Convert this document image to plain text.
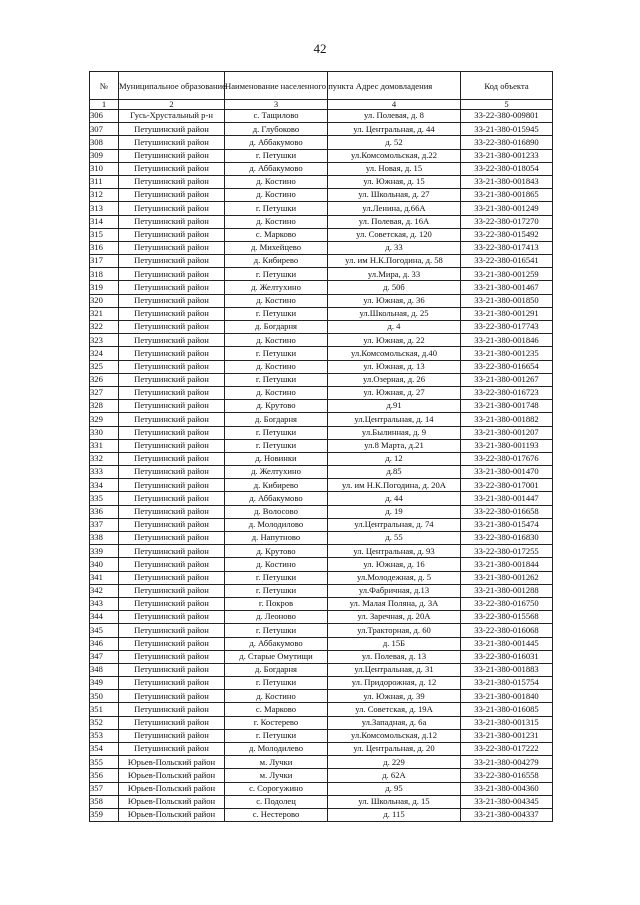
42
№	Муниципальное образование	Наименование населенного пункта	Адрес домовладения	Код объекта
1	2	3	4	5
306	Гусь-Хрустальный р-н	с. Тащилово	ул. Полевая, д. 8	33-22-380-009801
307	Петушинский район	д. Глубоково	ул. Центральная, д. 44	33-21-380-015945
308	Петушинский район	д. Аббакумово	д. 52	33-22-380-016890
309	Петушинский район	г. Петушки	ул.Комсомольская, д.22	33-21-380-001233
310	Петушинский район	д. Аббакумово	ул. Новая, д. 15	33-22-380-018054
311	Петушинский район	д. Костино	ул. Южная, д. 15	33-21-380-001843
312	Петушинский район	д. Костино	ул. Школьная, д. 27	33-21-380-001865
313	Петушинский район	г. Петушки	ул.Ленина, д.66А	33-21-380-001249
314	Петушинский район	д. Костино	ул. Полевая, д. 16А	33-22-380-017270
315	Петушинский район	с. Марково	ул. Советская, д. 120	33-22-380-015492
316	Петушинский район	д. Михейцево	д. 33	33-22-380-017413
317	Петушинский район	д. Кибирево	ул. им Н.К.Погодина, д. 58	33-22-380-016541
318	Петушинский район	г. Петушки	ул.Мира, д. 33	33-21-380-001259
319	Петушинский район	д. Желтухино	д. 50б	33-21-380-001467
320	Петушинский район	д. Костино	ул. Южная, д. 36	33-21-380-001850
321	Петушинский район	г. Петушки	ул.Школьная, д. 25	33-21-380-001291
322	Петушинский район	д. Богдарня	д. 4	33-22-380-017743
323	Петушинский район	д. Костино	ул. Южная, д. 22	33-21-380-001846
324	Петушинский район	г. Петушки	ул.Комсомольская, д.40	33-21-380-001235
325	Петушинский район	д. Костино	ул. Южная, д. 13	33-22-380-016654
326	Петушинский район	г. Петушки	ул.Озерная, д. 26	33-21-380-001267
327	Петушинский район	д. Костино	ул. Южная, д. 27	33-22-380-016723
328	Петушинский район	д. Крутово	д.91	33-21-380-001748
329	Петушинский район	д. Богдарня	ул.Центральная, д. 14	33-21-380-001882
330	Петушинский район	г. Петушки	ул.Былинная, д. 9	33-21-380-001207
331	Петушинский район	г. Петушки	ул.8 Марта, д.21	33-21-380-001193
332	Петушинский район	д. Новинки	д. 12	33-22-380-017676
333	Петушинский район	д. Желтухино	д.85	33-21-380-001470
334	Петушинский район	д. Кибирево	ул. им Н.К.Погодина, д. 20А	33-22-380-017001
335	Петушинский район	д. Аббакумово	д. 44	33-21-380-001447
336	Петушинский район	д. Волосово	д. 19	33-22-380-016658
337	Петушинский район	д. Молодилово	ул.Центральная, д. 74	33-21-380-015474
338	Петушинский район	д. Напутново	д. 55	33-22-380-016830
339	Петушинский район	д. Крутово	ул. Центральная, д. 93	33-22-380-017255
340	Петушинский район	д. Костино	ул. Южная, д. 16	33-21-380-001844
341	Петушинский район	г. Петушки	ул.Молодежная, д. 5	33-21-380-001262
342	Петушинский район	г. Петушки	ул.Фабричная, д.13	33-21-380-001288
343	Петушинский район	г. Покров	ул. Малая Поляна, д. 3А	33-22-380-016750
344	Петушинский район	д. Леоново	ул. Заречная, д. 20А	33-22-380-015568
345	Петушинский район	г. Петушки	ул.Тракторная, д. 60	33-22-380-016068
346	Петушинский район	д. Аббакумово	д. 15Б	33-21-380-001445
347	Петушинский район	д. Старые Омутищи	ул. Полевая, д. 13	33-22-380-016031
348	Петушинский район	д. Богдарня	ул.Центральная, д. 31	33-21-380-001883
349	Петушинский район	г. Петушки	ул. Придорожная, д. 12	33-21-380-015754
350	Петушинский район	д. Костино	ул. Южная, д. 39	33-21-380-001840
351	Петушинский район	с. Марково	ул. Советская, д. 19А	33-21-380-016085
352	Петушинский район	г. Костерево	ул.Западная, д. 6а	33-21-380-001315
353	Петушинский район	г. Петушки	ул.Комсомольская, д.12	33-21-380-001231
354	Петушинский район	д. Молодилево	ул. Центральная, д. 20	33-22-380-017222
355	Юрьев-Польский район	м. Лучки	д. 229	33-21-380-004279
356	Юрьев-Польский район	м. Лучки	д. 62А	33-22-380-016558
357	Юрьев-Польский район	с. Сорогужино	д. 95	33-21-380-004360
358	Юрьев-Польский район	с. Подолец	ул. Школьная, д. 15	33-21-380-004345
359	Юрьев-Польский район	с. Нестерово	д. 115	33-21-380-004337
